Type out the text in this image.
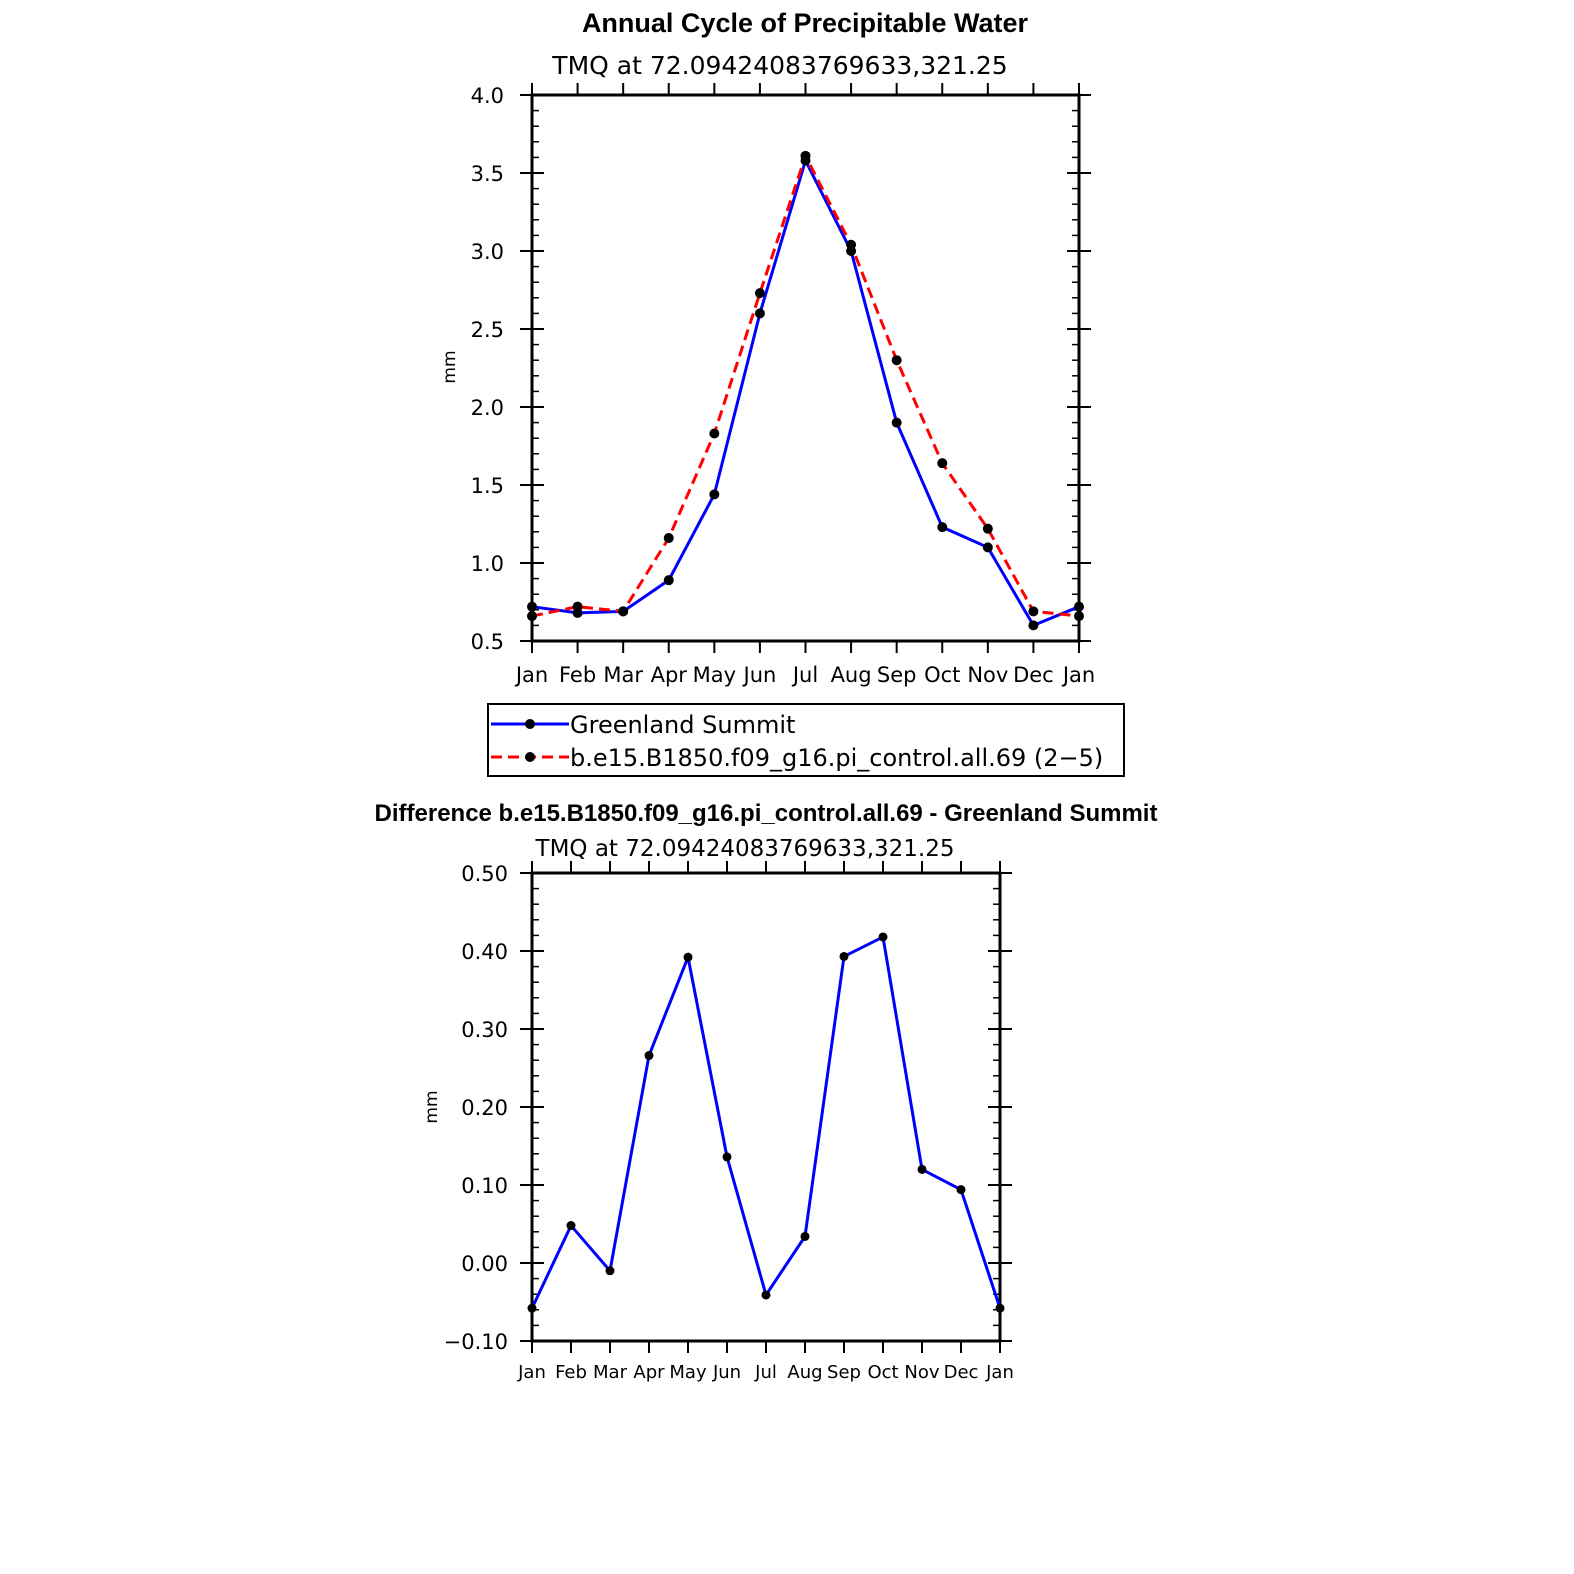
Annual Cycle of Precipitable Water
TMQ at 72.09424083769633,321.25
mm
Jan Feb Mar Apr May Jun Jul Aug Sep Oct Nov Dec Jan
0.5
1.0
1.5
2.0
2.5
3.0
3.5
4.0
Greenland Summit
b.e15.B1850.f09_g16.pi_control.all.69 (2−5)
Difference b.e15.B1850.f09_g16.pi_control.all.69 - Greenland Summit
TMQ at 72.09424083769633,321.25
mm
Jan Feb Mar Apr May Jun Jul Aug Sep Oct Nov Dec Jan
−0.10
0.00
0.10
0.20
0.30
0.40
0.50
